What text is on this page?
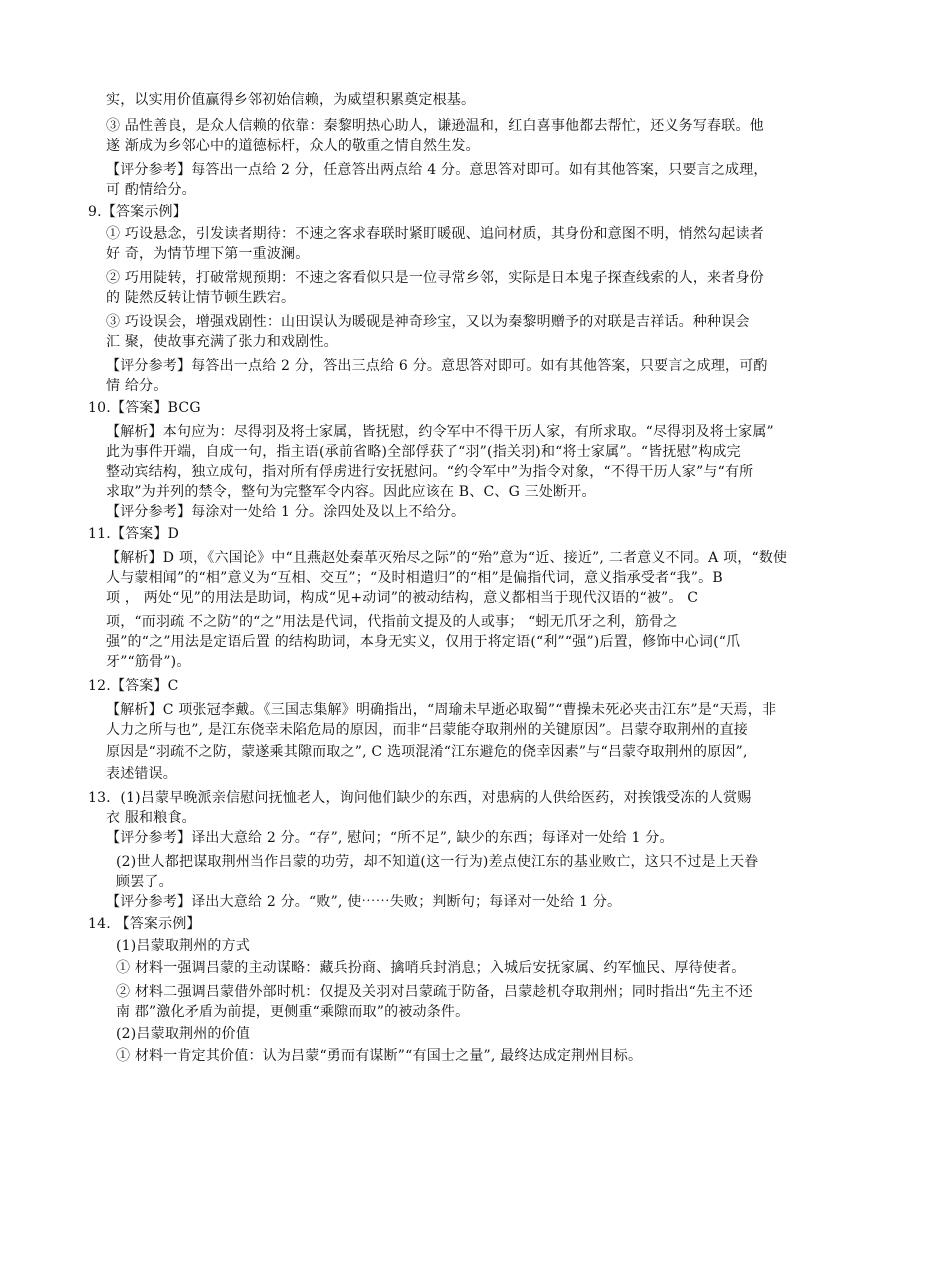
实，以实用价值赢得乡邻初始信赖，为威望积累奠定根基。
③ 品性善良，是众人信赖的依靠：秦黎明热心助人，谦逊温和，红白喜事他都去帮忙，还义务写春联。他
遂 渐成为乡邻心中的道德标杆，众人的敬重之情自然生发。
【评分参考】每答出一点给 2 分，任意答出两点给 4 分。意思答对即可。如有其他答案，只要言之成理，
可 酌情给分。
9.【答案示例】
① 巧设悬念，引发读者期待：不速之客求春联时紧盯暖砚、追问材质，其身份和意图不明，悄然勾起读者
好 奇，为情节埋下第一重波澜。
② 巧用陡转，打破常规预期：不速之客看似只是一位寻常乡邻，实际是日本鬼子探查线索的人，来者身份
的 陡然反转让情节顿生跌宕。
③ 巧设误会，增强戏剧性：山田误认为暖砚是神奇珍宝，又以为秦黎明赠予的对联是吉祥话。种种误会
汇 聚，使故事充满了张力和戏剧性。
【评分参考】每答出一点给 2 分，答出三点给 6 分。意思答对即可。如有其他答案，只要言之成理，可酌
情 给分。
10.【答案】BCG
【解析】本句应为：尽得羽及将士家属，皆抚慰，约令军中不得干历人家，有所求取。“尽得羽及将士家属”
此为事件开端，自成一句，指主语(承前省略)全部俘获了“羽”(指关羽)和“将士家属”。“皆抚慰”构成完
整动宾结构，独立成句，指对所有俘虏进行安抚慰问。“约令军中”为指令对象，“不得干历人家”与“有所
求取”为并列的禁令，整句为完整军令内容。因此应该在 B、C、G 三处断开。
【评分参考】每涂对一处给 1 分。涂四处及以上不给分。
11.【答案】D
【解析】D 项，《六国论》中“且燕赵处秦革灭殆尽之际”的“殆”意为“近、接近”, 二者意义不同。A 项，“数使
人与蒙相闻”的“相”意义为“互相、交互”；“及时相遣归”的“相”是偏指代词，意义指承受者“我”。B
项 ， 两处“见”的用法是助词，构成“见+动词”的被动结构，意义都相当于现代汉语的“被”。 C
项，“而羽疏 不之防”的“之”用法是代词，代指前文提及的人或事； “蚓无爪牙之利，筋骨之
强”的“之”用法是定语后置 的结构助词，本身无实义，仅用于将定语(“利”“强”)后置，修饰中心词(“爪
牙”“筋骨”)。
12.【答案】C
【解析】C 项张冠李戴。《三国志集解》明确指出，“周瑜未早逝必取蜀”“曹操未死必夹击江东”是“天焉，非
人力之所与也”, 是江东侥幸未陷危局的原因，而非“吕蒙能夺取荆州的关键原因”。吕蒙夺取荆州的直接
原因是“羽疏不之防，蒙遂乘其隙而取之”, C 选项混淆“江东避危的侥幸因素”与“吕蒙夺取荆州的原因”,
表述错误。
13．(1)吕蒙早晚派亲信慰问抚恤老人，询问他们缺少的东西，对患病的人供给医药，对挨饿受冻的人赏赐
衣 服和粮食。
【评分参考】译出大意给 2 分。“存”, 慰问；“所不足”, 缺少的东西；每译对一处给 1 分。
(2)世人都把谋取荆州当作吕蒙的功劳，却不知道(这一行为)差点使江东的基业败亡，这只不过是上天眷
顾罢了。
【评分参考】译出大意给 2 分。“败”, 使⋯⋯失败；判断句；每译对一处给 1 分。
14. 【答案示例】
(1)吕蒙取荆州的方式
① 材料一强调吕蒙的主动谋略：藏兵扮商、擒哨兵封消息；入城后安抚家属、约军恤民、厚待使者。
② 材料二强调吕蒙借外部时机：仅提及关羽对吕蒙疏于防备，吕蒙趁机夺取荆州；同时指出“先主不还
南 郡”激化矛盾为前提，更侧重“乘隙而取”的被动条件。
(2)吕蒙取荆州的价值
① 材料一肯定其价值：认为吕蒙“勇而有谋断”“有国士之量”, 最终达成定荆州目标。
